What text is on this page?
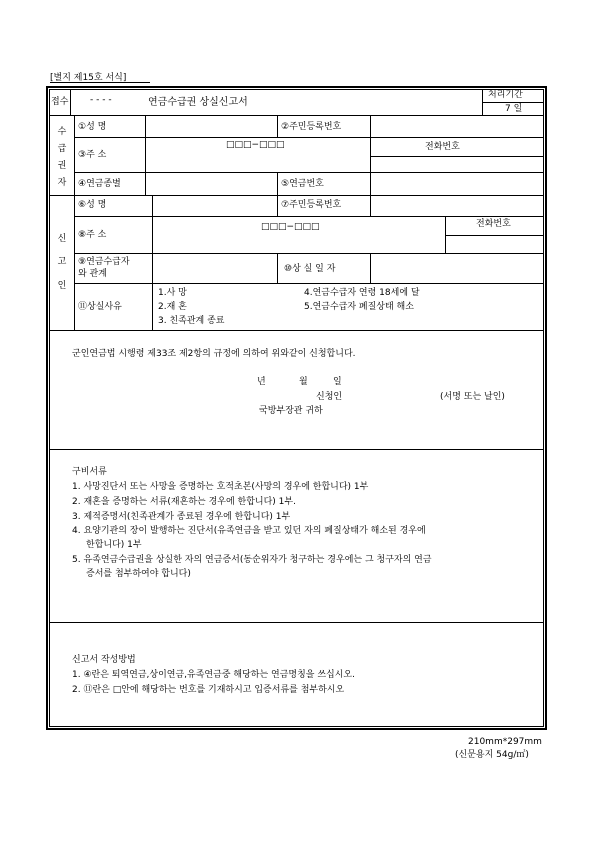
[별지 제15호 서식]
접수 - - - -	연금수급권 상실신고서
처리기간
7 일
수급권자
①성 명	②주민등록번호
③주 소
□□□−□□□	전화번호
④연금종별	⑤연금번호
신 고 인
⑥성 명	⑦주민등록번호
⑧주 소
□□□−□□□	전화번호
⑨연금수급자
와 관계	⑩상 실 일 자
⑪상실사유
1.사 망
2.재 혼
3. 친족관계 종료
4.연금수급자 연령 18세에 달
5.연금수급자 폐질상태 해소
군인연금법 시행령 제33조 제2항의 규정에 의하여 위와같이 신청합니다.
년	월	일
신청인	(서명 또는 날인)
국방부장관 귀하
구비서류
1. 사망진단서 또는 사망을 증명하는 호적초본(사망의 경우에 한합니다) 1부
2. 재혼을 증명하는 서류(재혼하는 경우에 한합니다) 1부.
3. 제적증명서(친족관계가 종료된 경우에 한합니다) 1부
4. 요양기관의 장이 발행하는 진단서(유족연금을 받고 있던 자의 폐질상태가 해소된 경우에
한합니다) 1부
5. 유족연금수급권을 상실한 자의 연금증서(동순위자가 청구하는 경우에는 그 청구자의 연금
증서를 첨부하여야 합니다)
신고서 작성방법
1. ④란은 퇴역연금,상이연금,유족연금중 해당하는 연금명칭을 쓰십시오.
2. ⑪란은 □안에 해당하는 번호를 기재하시고 입증서류를 첨부하시오
210mm*297mm
(신문용지 54g/㎡)
